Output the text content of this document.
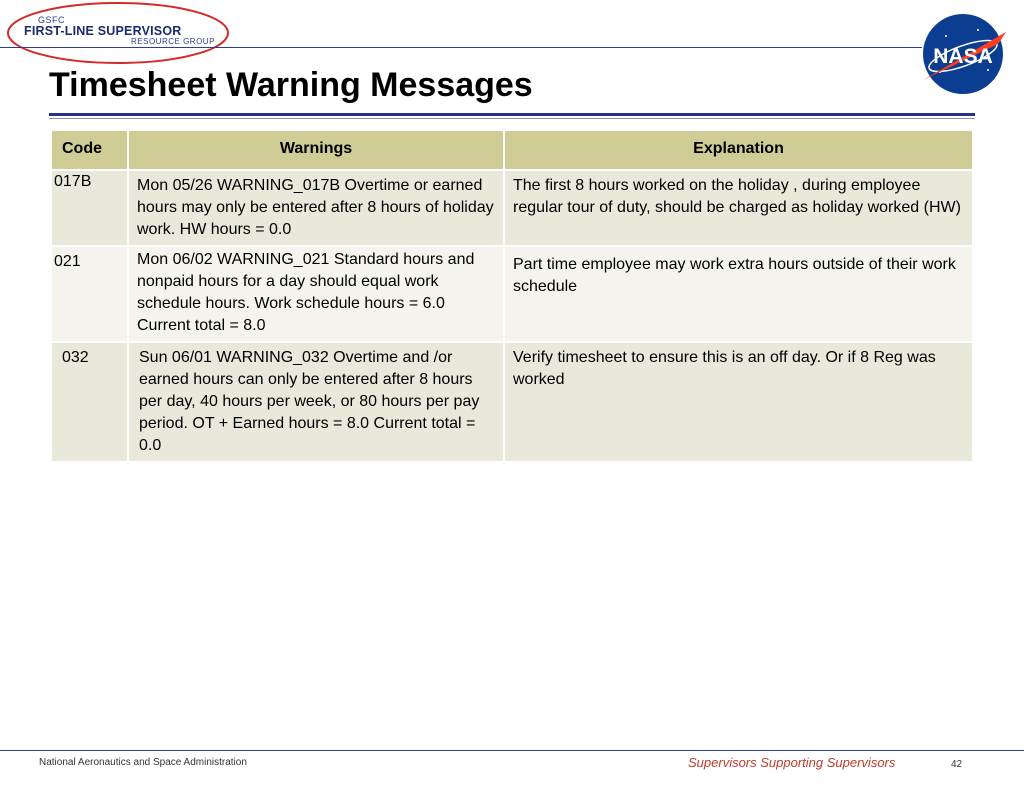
GSFC
FIRST-LINE SUPERVISOR
RESOURCE GROUP
NASA
Timesheet Warning Messages
Code	Warnings	Explanation
017B	Mon 05/26 WARNING_017B Overtime or earned hours may only be entered after 8 hours of holiday work. HW hours = 0.0	The first 8 hours worked on the holiday , during employee regular tour of duty, should be charged as holiday worked (HW)
021	Mon 06/02 WARNING_021 Standard hours and nonpaid hours for a day should equal work schedule hours. Work schedule hours = 6.0 Current total = 8.0	Part time employee may work extra hours outside of their work schedule
032	Sun 06/01 WARNING_032 Overtime and /or earned hours can only be entered after 8 hours per day, 40 hours per week, or 80 hours per pay period. OT + Earned hours = 8.0 Current total = 0.0	Verify timesheet to ensure this is an off day. Or if 8 Reg was worked
National Aeronautics and Space Administration	Supervisors Supporting Supervisors	42
